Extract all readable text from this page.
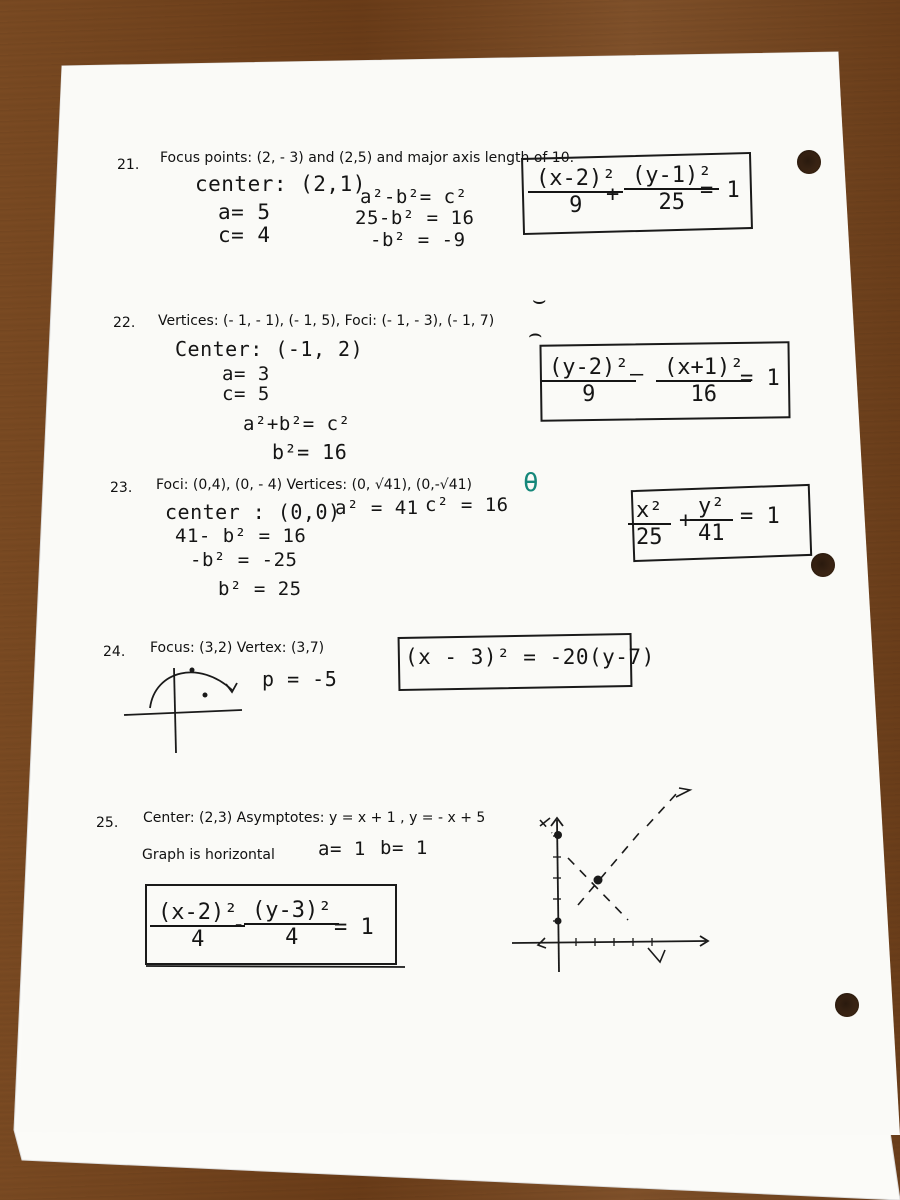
21. Focus points: (2, - 3) and (2,5) and major axis length of 10.
center: (2,1)
a= 5
c= 4
a²-b²= c²
25-b² = 16
-b² = -9
$\frac{\text{(x-2)²}}{9}$
+ $\frac{\text{(y-1)²}}{25}$
= 1
22. Vertices: (- 1, - 1), (- 1, 5), Foci: (- 1, - 3), (- 1, 7)
Center: (-1, 2)
a= 3
c= 5
a²+b²= c²
b²= 16
⌣
⌢
$\frac{\text{(y-2)²}}{9}$
— $\frac{\text{(x+1)²}}{16}$
= 1
23. Foci: (0,4), (0, - 4) Vertices: (0, √41), (0,-√41) θ
center : (0,0)
a² = 41 c² = 16
41- b² = 16
-b² = -25
b² = 25
$\frac{\text{x²}}{25} + \frac{\text{y²}}{41} = 1$
24. Focus: (3,2) Vertex: (3,7)
p = -5
(x - 3)² = -20(y-7)
25. Center: (2,3) Asymptotes: y = x + 1 , y = - x + 5
Graph is horizontal a= 1 b= 1
$\frac{\text{(x-2)²}}{4}$
- $\frac{\text{(y-3)²}}{4}$
= 1
